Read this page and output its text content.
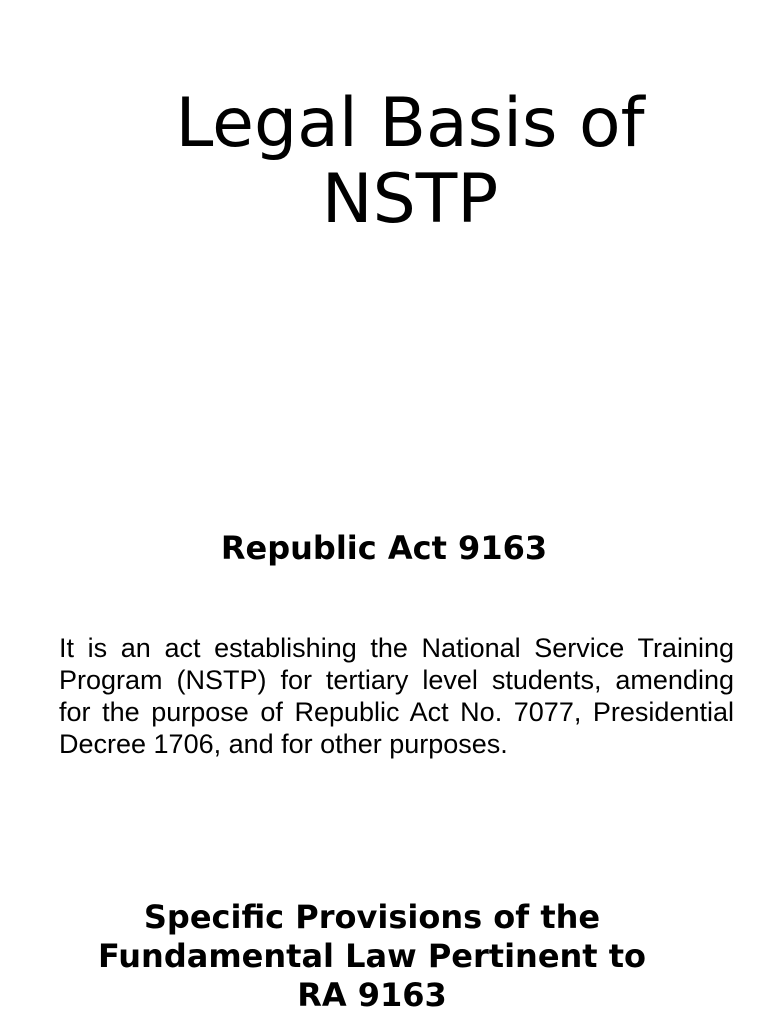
Legal Basis of
NSTP
Republic Act 9163

It is an act establishing the National Service Training Program (NSTP) for tertiary level students, amending for the purpose of Republic Act No. 7077, Presidential Decree 1706, and for other purposes.

Specific Provisions of the
Fundamental Law Pertinent to
RA 9163
